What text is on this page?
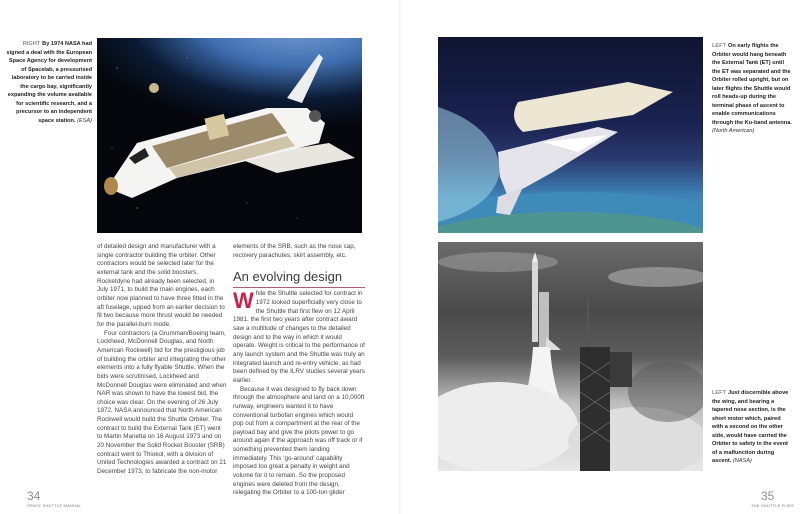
RIGHT By 1974 NASA had signed a deal with the European Space Agency for development of Spacelab, a pressurised laboratory to be carried inside the cargo bay, significantly expanding the volume available for scientific research, and a precursor to an independent space station. (ESA)

of detailed design and manufacturer with a single contractor building the orbiter. Other contractors would be selected later for the external tank and the solid boosters. Rocketdyne had already been selected, in July 1971, to build the main engines, each orbiter now planned to have three fitted in the aft fuselage, upped from an earlier decision to fit two because more thrust would be needed for the parallel-burn mode.

Four contractors (a Grumman/Boeing team, Lockheed, McDonnell Douglas, and North American Rockwell) bid for the prestigious job of building the orbiter and integrating the other elements into a fully flyable Shuttle. When the bids were scrutinised, Lockheed and McDonnell Douglas were eliminated and when NAR was shown to have the lowest bid, the choice was clear. On the evening of 26 July 1972, NASA announced that North American Rockwell would build the Shuttle Orbiter. The contract to build the External Tank (ET) went to Martin Marietta on 16 August 1973 and on 20 November the Solid Rocket Booster (SRB) contract went to Thiokol, with a division of United Technologies awarded a contract on 21 December 1973, to fabricate the non-motor

elements of the SRB, such as the nose cap, recovery parachutes, skirt assembly, etc.

An evolving design

While the Shuttle selected for contract in 1972 looked superficially very close to the Shuttle that first flew on 12 April 1981, the first two years after contract award saw a multitude of changes to the detailed design and to the way in which it would operate. Weight is critical to the performance of any launch system and the Shuttle was truly an integrated launch and re-entry vehicle, as had been defined by the ILRV studies several years earlier.

Because it was designed to fly back down through the atmosphere and land on a 10,000ft runway, engineers wanted it to have conventional turbofan engines which would pop out from a compartment at the rear of the payload bay and give the pilots power to go around again if the approach was off track or if something prevented them landing immediately. This ‘go-around’ capability imposed too great a penalty in weight and volume for it to remain. So the proposed engines were deleted from the design, relegating the Orbiter to a 100-ton glider

34
SPACE SHUTTLE MANUAL
LEFT On early flights the Orbiter would hang beneath the External Tank (ET) until the ET was separated and the Orbiter rolled upright, but on later flights the Shuttle would roll heads-up during the terminal phase of ascent to enable communications through the Ku-band antenna.
(North American)
LEFT Just discernible above the wing, and bearing a tapered nose section, is the short motor which, paired with a second on the other side, would have carried the Orbiter to safety in the event of a malfunction during ascent. (NASA)
35
THE SHUTTLE FLIES
